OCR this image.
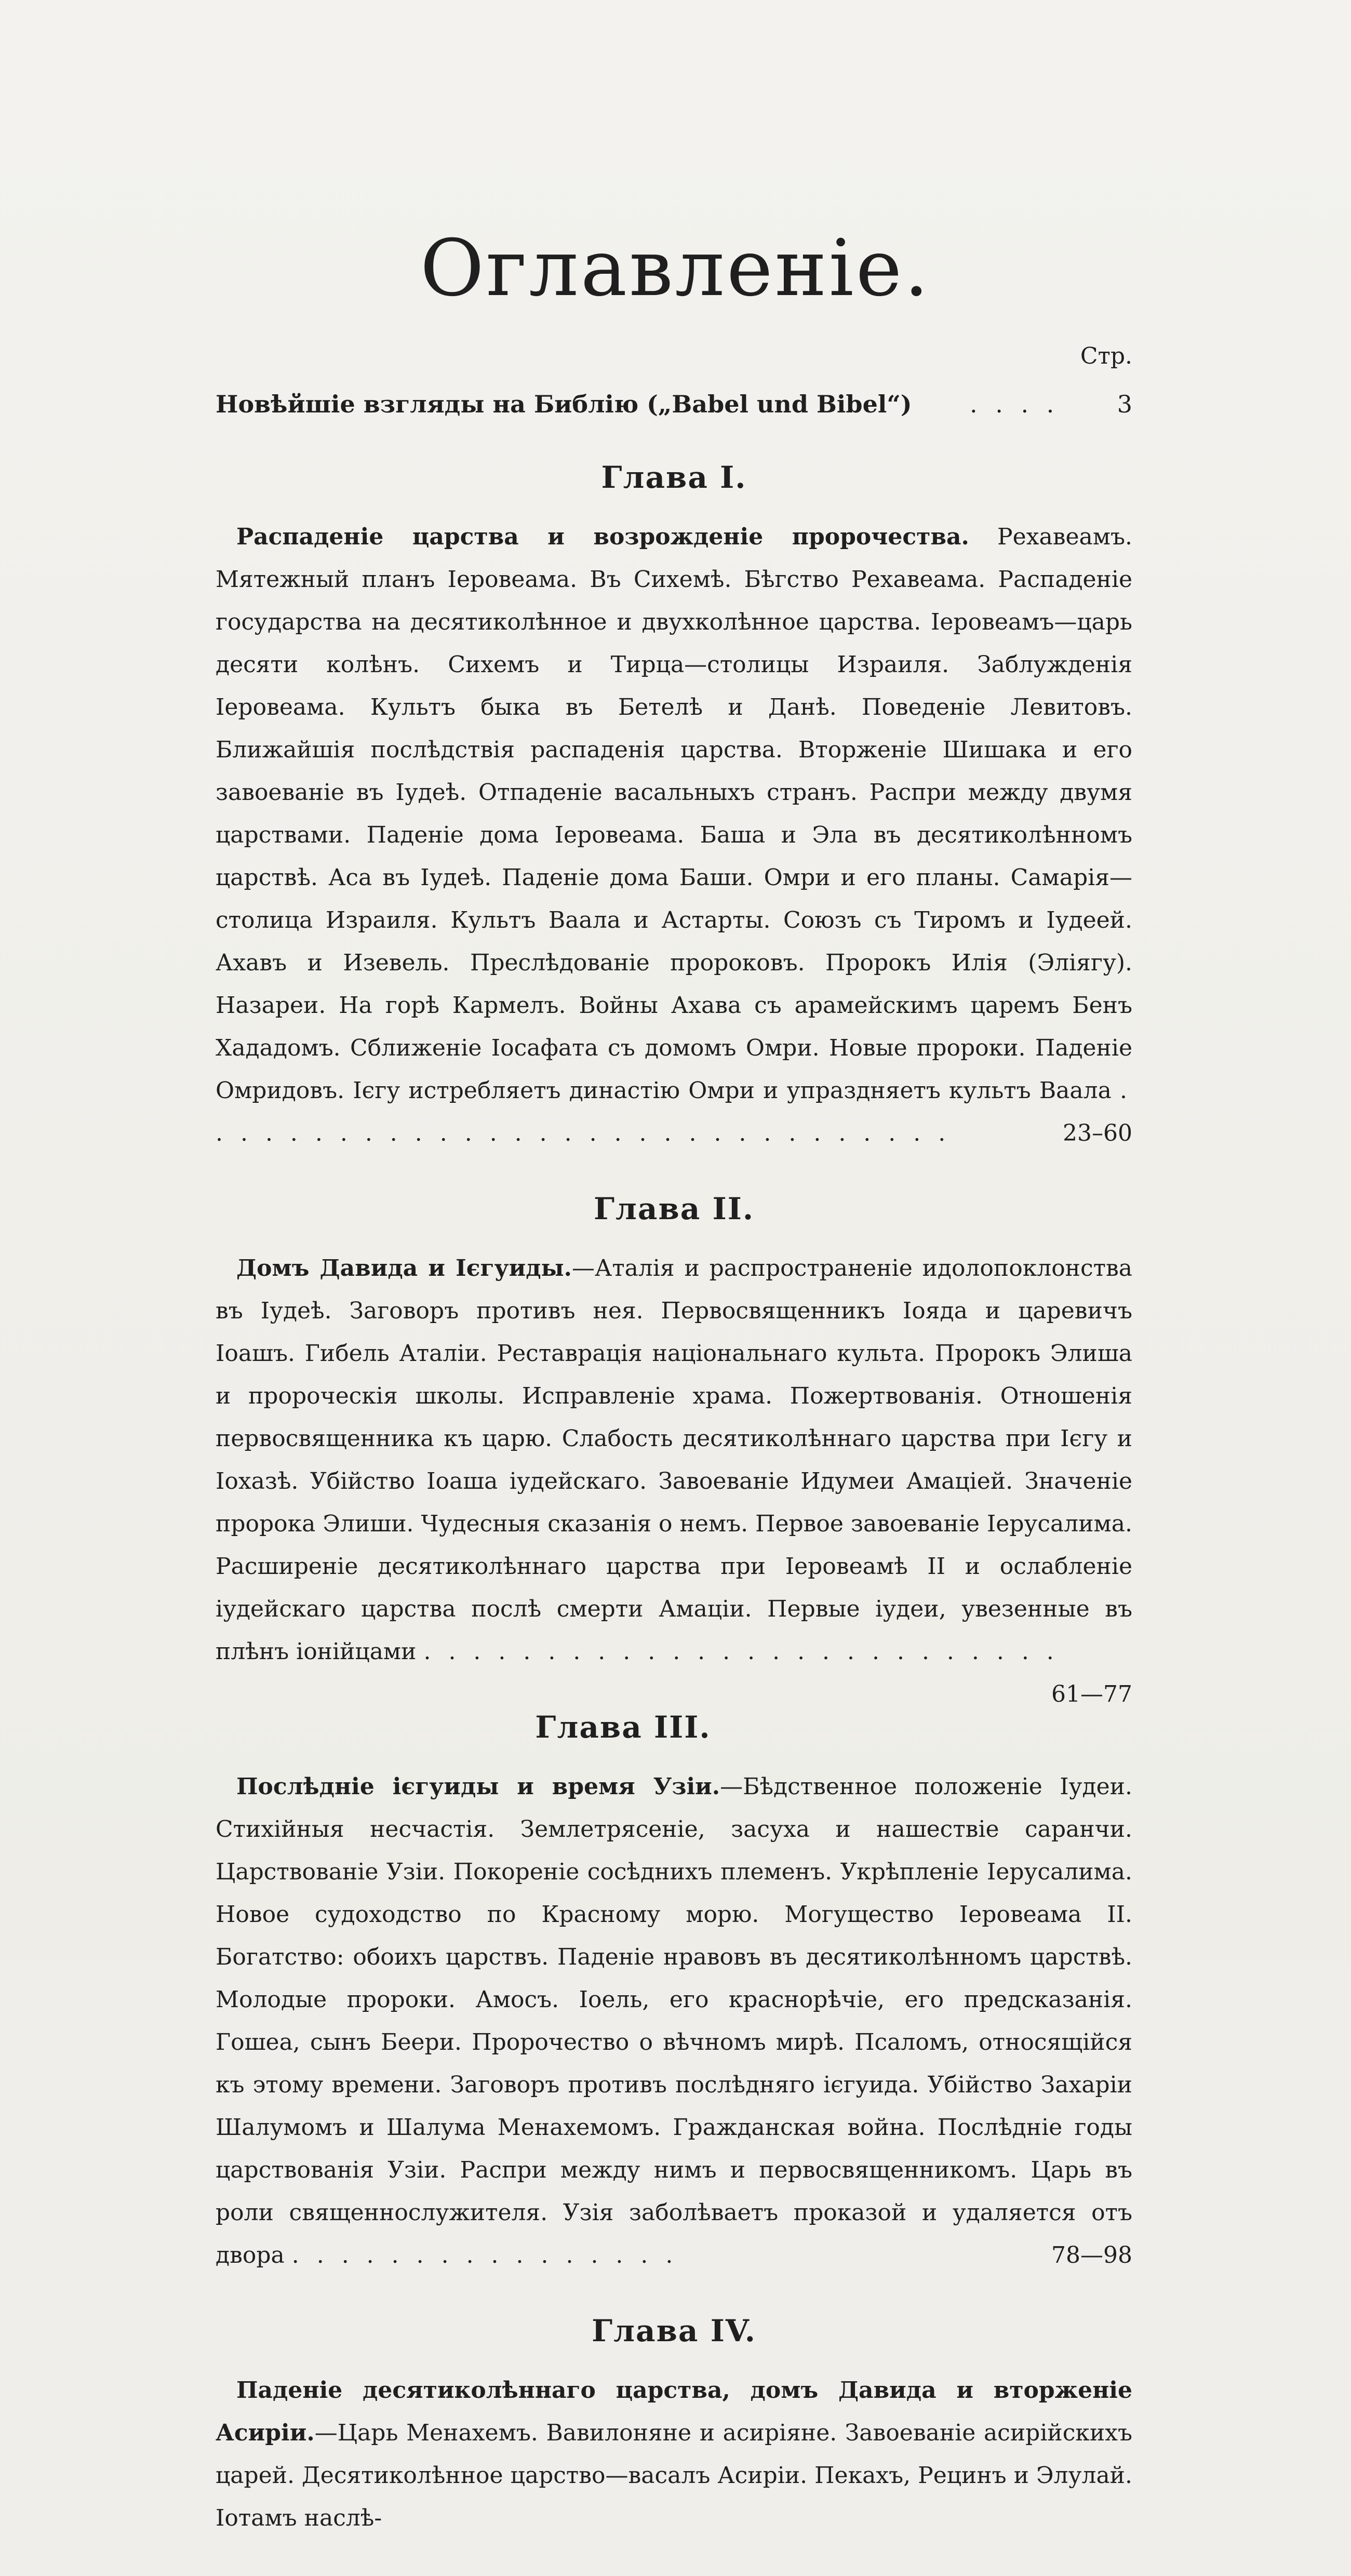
Оглавленіе.

Стр.

Новѣйшіе взгляды на Библію („Babel und Bibel“) . . . . 3
Глава I.

Распаденіе царства и возрожденіе пророчества. Рехавеамъ. Мятежный планъ Іеровеама. Въ Сихемѣ. Бѣгство Рехавеама. Распаденіе государства на десятиколѣнное и двухколѣнное царства. Іеровеамъ—царь десяти колѣнъ. Сихемъ и Тирца—столицы Израиля. Заблужденія Іеровеама. Культъ быка въ Бетелѣ и Данѣ. Поведеніе Левитовъ. Ближайшія послѣдствія распаденія царства. Вторженіе Шишака и его завоеваніе въ Іудеѣ. Отпаденіе васальныхъ странъ. Распри между двумя царствами. Паденіе дома Іеровеама. Баша и Эла въ десятиколѣнномъ царствѣ. Аса въ Іудеѣ. Паденіе дома Баши. Омри и его планы. Самарія—столица Израиля. Культъ Ваала и Астарты. Союзъ съ Тиромъ и Іудеей. Ахавъ и Изевель. Преслѣдованіе пророковъ. Пророкъ Илія (Эліягу). Назареи. На горѣ Кармелъ. Войны Ахава съ арамейскимъ царемъ Бенъ Хададомъ. Сближеніе Іосафата съ домомъ Омри. Новые пророки. Паденіе Омридовъ. Ієгу истребляетъ династію Омри и упраздняетъ культъ Ваала . . . . . . . . . . . . . . . . . . . . . . . . . . . . . . .	23–60

Глава II.

Домъ Давида и Ієгуиды.—Аталія и распространеніе идолопоклонства въ Іудеѣ. Заговоръ противъ нея. Первосвященникъ Іояда и царевичъ Іоашъ. Гибель Аталіи. Реставрація національнаго культа. Пророкъ Элиша и пророческія школы. Исправленіе храма. Пожертвованія. Отношенія первосвященника къ царю. Слабость десятиколѣннаго царства при Ієгу и Іохазѣ. Убійство Іоаша іудейскаго. Завоеваніе Идумеи Амаціей. Значеніе пророка Элиши. Чудесныя сказанія о немъ. Первое завоеваніе Іерусалима. Расширеніе десятиколѣннаго царства при Іеровеамѣ II и ослабленіе іудейскаго царства послѣ смерти Амаціи. Первые іудеи, увезенные въ плѣнъ іонійцами . . . . . . . . . . . . . . . . . . . . . . . . . .
61—77

Глава III.

Послѣдніе ієгуиды и время Узіи.—Бѣдственное положеніе Іудеи. Стихійныя несчастія. Землетрясеніе, засуха и нашествіе саранчи. Царствованіе Узіи. Покореніе сосѣднихъ племенъ. Укрѣпленіе Іерусалима. Новое судоходство по Красному морю. Могущество Іеровеама II. Богатство: обоихъ царствъ. Паденіе нравовъ въ десятиколѣнномъ царствѣ. Молодые пророки. Амосъ. Іоель, его краснорѣчіе, его предсказанія. Гошеа, сынъ Беери. Пророчество о вѣчномъ мирѣ. Псаломъ, относящійся къ этому времени. Заговоръ противъ послѣдняго ієгуида. Убійство Захаріи Шалумомъ и Шалума Менахемомъ. Гражданская война. Послѣдніе годы царствованія Узіи. Распри между нимъ и первосвященникомъ. Царь въ роли священнослужителя. Узія заболѣваетъ проказой и удаляется отъ двора . . . . . . . . . . . . . . . .	78—98

Глава IV.

Паденіе десятиколѣннаго царства, домъ Давида и вторженіе Асиріи.—Царь Менахемъ. Вавилоняне и асиріяне. Завоеваніе асирійскихъ царей. Десятиколѣнное царство—васалъ Асиріи. Пекахъ, Рецинъ и Элулай. Іотамъ наслѣ-
